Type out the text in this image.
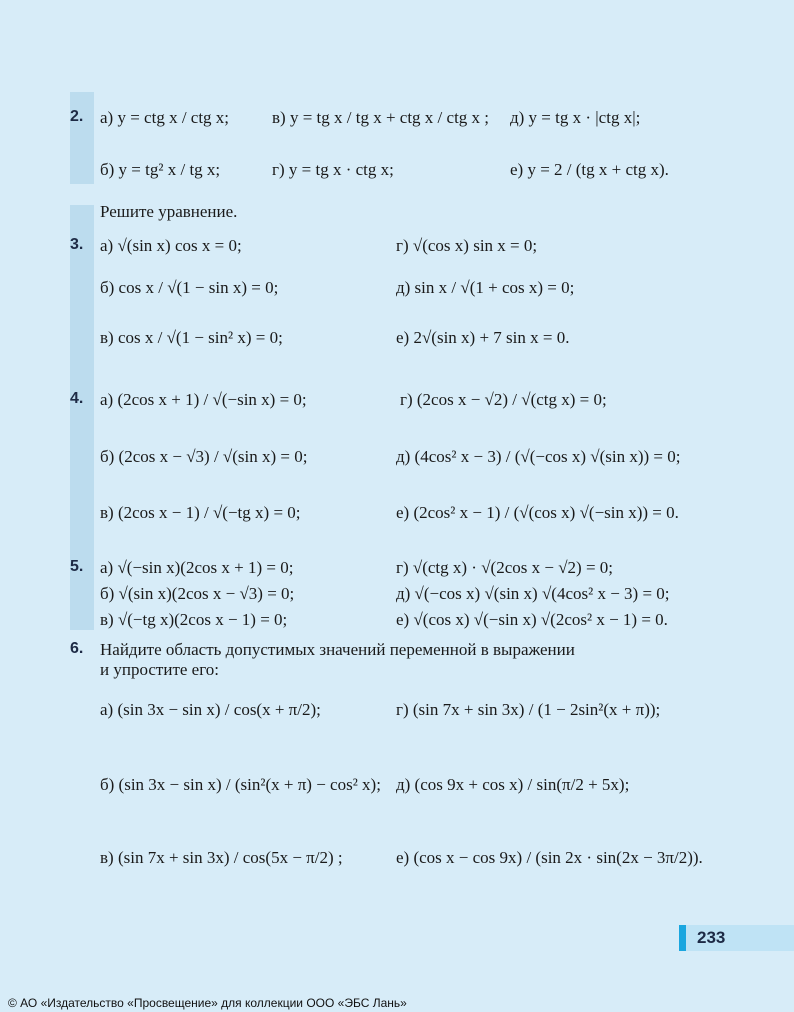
2. а) y = ctg x / ctg x;	в) y = tg x / tg x + ctg x / ctg x ; д) y = tg x · |ctg x|;
б) y = tg² x / tg x;	г) y = tg x · ctg x;	е) y = 2 / (tg x + ctg x).
Решите уравнение.
3. а) √(sin x) cos x = 0;	г) √(cos x) sin x = 0;
б) cos x / √(1 − sin x) = 0;	д) sin x / √(1 + cos x) = 0;
в) cos x / √(1 − sin² x) = 0;	е) 2√(sin x) + 7 sin x = 0.
4. а) (2cos x + 1) / √(−sin x) = 0;	г) (2cos x − √2) / √(ctg x) = 0;
б) (2cos x − √3) / √(sin x) = 0;	д) (4cos² x − 3) / (√(−cos x) √(sin x)) = 0;
в) (2cos x − 1) / √(−tg x) = 0;	е) (2cos² x − 1) / (√(cos x) √(−sin x)) = 0.
5. а) √(−sin x)(2cos x + 1) = 0;	г) √(ctg x) · √(2cos x − √2) = 0;
б) √(sin x)(2cos x − √3) = 0;	д) √(−cos x) √(sin x) √(4cos² x − 3) = 0;
в) √(−tg x)(2cos x − 1) = 0;	е) √(cos x) √(−sin x) √(2cos² x − 1) = 0.
6. Найдите область допустимых значений переменной в выражении
и упростите его:
а) (sin 3x − sin x) / cos(x + π/2);	г) (sin 7x + sin 3x) / (1 − 2sin²(x + π));
б) (sin 3x − sin x) / (sin²(x + π) − cos² x); д) (cos 9x + cos x) / sin(π/2 + 5x);
в) (sin 7x + sin 3x) / cos(5x − π/2) ;	е) (cos x − cos 9x) / (sin 2x · sin(2x − 3π/2)).
233
© АО «Издательство «Просвещение» для коллекции ООО «ЭБС Лань»
